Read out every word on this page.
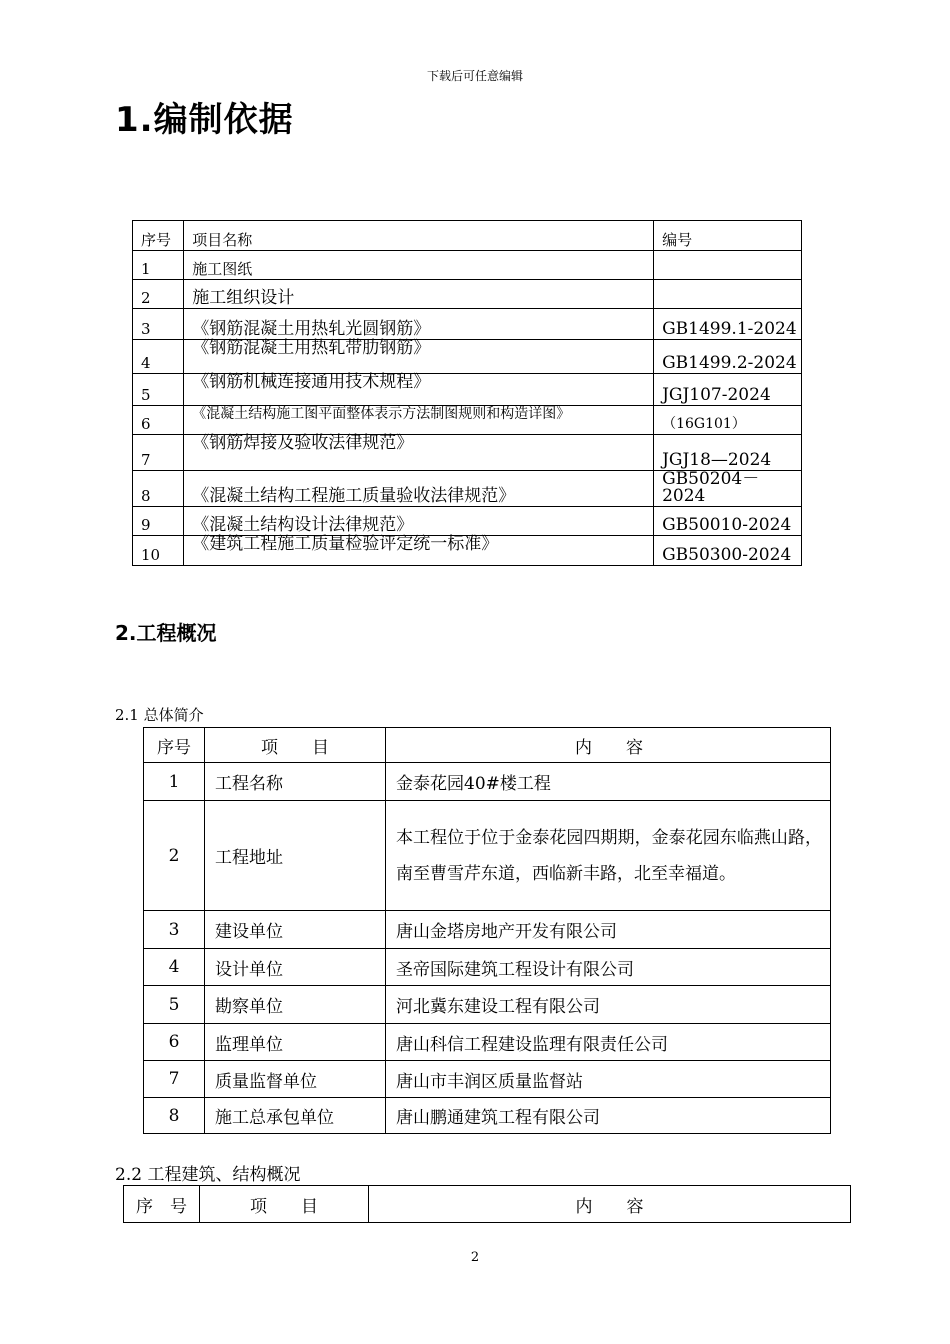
下载后可任意编辑
1.编制依据
序号	项目名称	编号
1	施工图纸	
2	施工组织设计	
3	《钢筋混凝土用热轧光圆钢筋》	GB1499.1-2024
4	《钢筋混凝土用热轧带肋钢筋》	GB1499.2-2024
5	《钢筋机械连接通用技术规程》	JGJ107-2024
6	《混凝土结构施工图平面整体表示方法制图规则和构造详图》	（16G101）
7	《钢筋焊接及验收法律规范》	JGJ18—2024
8	《混凝土结构工程施工质量验收法律规范》	GB50204－2024
9	《混凝土结构设计法律规范》	GB50010-2024
10	《建筑工程施工质量检验评定统一标准》	GB50300-2024
2.工程概况
2.1 总体简介
序号	项　　目	内　　容
1	工程名称	金泰花园40#楼工程
2	工程地址	本工程位于位于金泰花园四期期，金泰花园东临燕山路，南至曹雪芹东道，西临新丰路，北至幸福道。
3	建设单位	唐山金塔房地产开发有限公司
4	设计单位	圣帝国际建筑工程设计有限公司
5	勘察单位	河北冀东建设工程有限公司
6	监理单位	唐山科信工程建设监理有限责任公司
7	质量监督单位	唐山市丰润区质量监督站
8	施工总承包单位	唐山鹏通建筑工程有限公司
2.2 工程建筑、结构概况
序　号	项　　目	内　　容
2
